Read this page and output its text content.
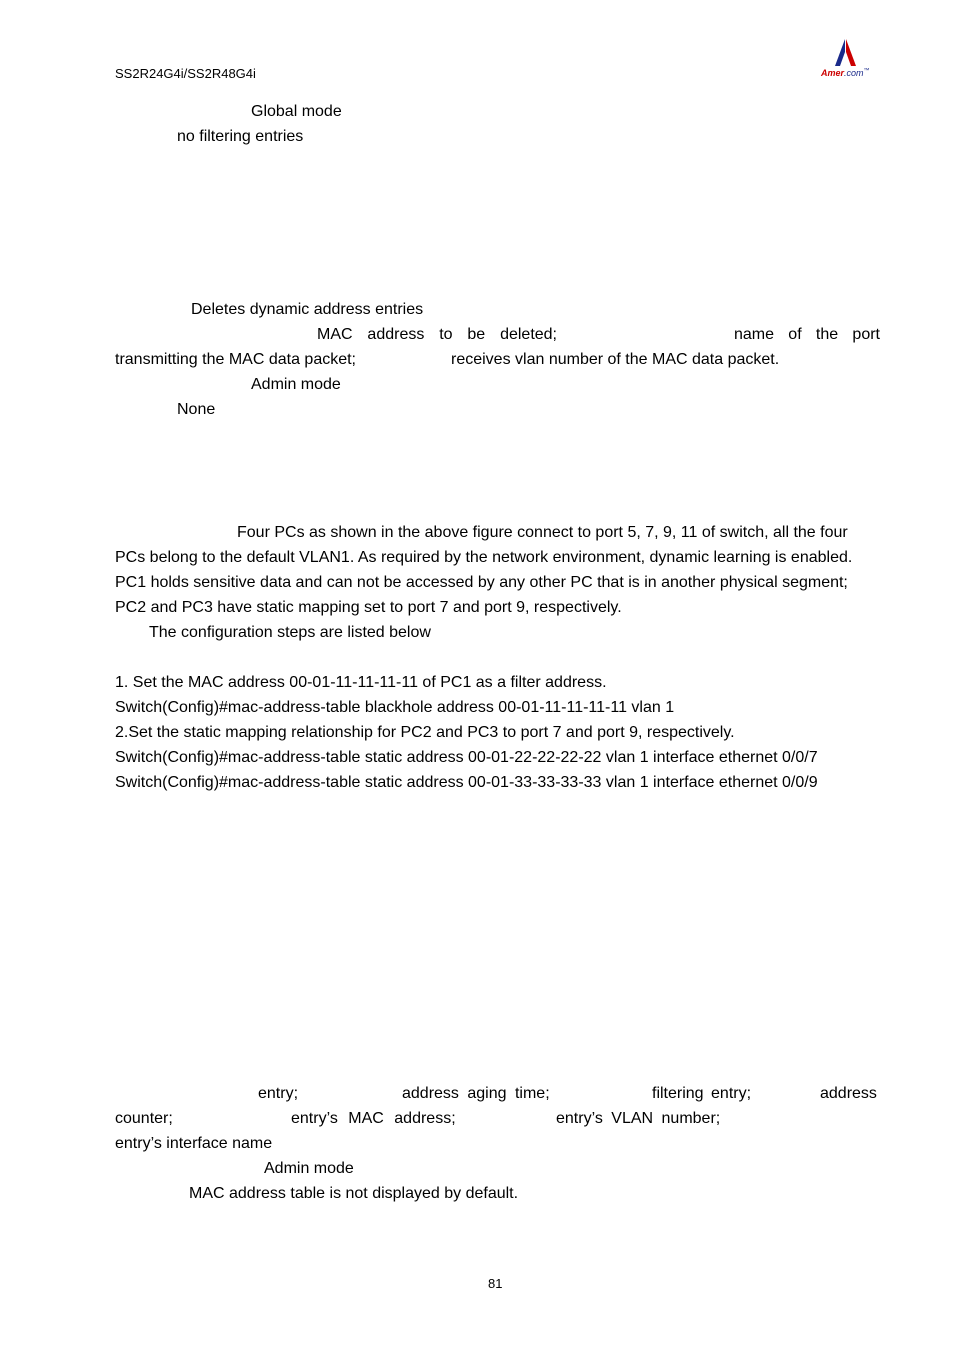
SS2R24G4i/SS2R48G4i	Amer.com™
Global mode
no filtering entries
Deletes dynamic address entries
MAC address to be deleted;	name of the port
transmitting the MAC data packet;	receives vlan number of the MAC data packet.
Admin mode
None
Four PCs as shown in the above figure connect to port 5, 7, 9, 11 of switch, all the four
PCs belong to the default VLAN1. As required by the network environment, dynamic learning is enabled.
PC1 holds sensitive data and can not be accessed by any other PC that is in another physical segment;
PC2 and PC3 have static mapping set to port 7 and port 9, respectively.
The configuration steps are listed below
1. Set the MAC address 00-01-11-11-11-11 of PC1 as a filter address.
Switch(Config)#mac-address-table blackhole address 00-01-11-11-11-11 vlan 1
2.Set the static mapping relationship for PC2 and PC3 to port 7 and port 9, respectively.
Switch(Config)#mac-address-table static address 00-01-22-22-22-22 vlan 1 interface ethernet 0/0/7
Switch(Config)#mac-address-table static address 00-01-33-33-33-33 vlan 1 interface ethernet 0/0/9
entry;	address aging time;	filtering entry;	address
counter;	entry’s MAC address;	entry’s VLAN number;
entry’s interface name
Admin mode
MAC address table is not displayed by default.
81
